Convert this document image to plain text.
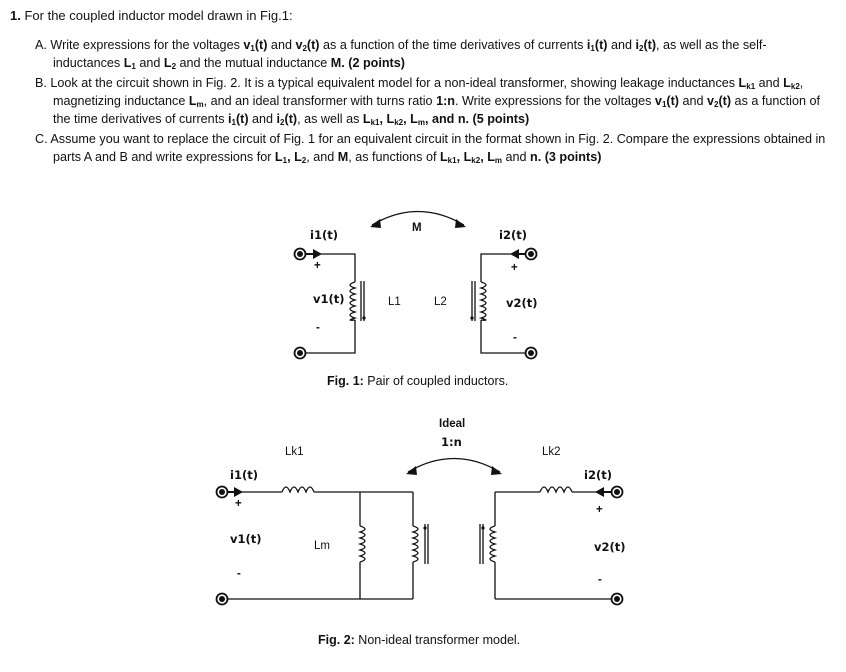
1. For the coupled inductor model drawn in Fig.1:
A. Write expressions for the voltages $v_1(t)$ and $v_2(t)$ as a function of the time derivatives of currents $i_1(t)$ and $i_2(t)$, as well as the self-
inductances $L_1$ and $L_2$ and the mutual inductance M. (2 points)
B. Look at the circuit shown in Fig. 2. It is a typical equivalent model for a non-ideal transformer, showing leakage inductances $L_{k1}$ and $L_{k2}$,
magnetizing inductance $L_m$, and an ideal transformer with turns ratio 1:n. Write expressions for the voltages $v_1(t)$ and $v_2(t)$ as a function of
the time derivatives of currents $i_1(t)$ and $i_2(t)$, as well as $L_{k1}$, $L_{k2}$, $L_m$, and n. (5 points)
C. Assume you want to replace the circuit of Fig. 1 for an equivalent circuit in the format shown in Fig. 2. Compare the expressions obtained in
parts A and B and write expressions for $L_1$, $L_2$, and M, as functions of $L_{k1}$, $L_{k2}$, $L_m$ and n. (3 points)
i1(t)	i2(t)
M
+	+
v1(t)	v2(t)
L1	L2
-
-
Fig. 1: Pair of coupled inductors.
Ideal
1:n
Lk1	Lk2
i1(t)	i2(t)
+	+
v1(t)
v2(t)
Lm
-	-
Fig. 2: Non-ideal transformer model.
